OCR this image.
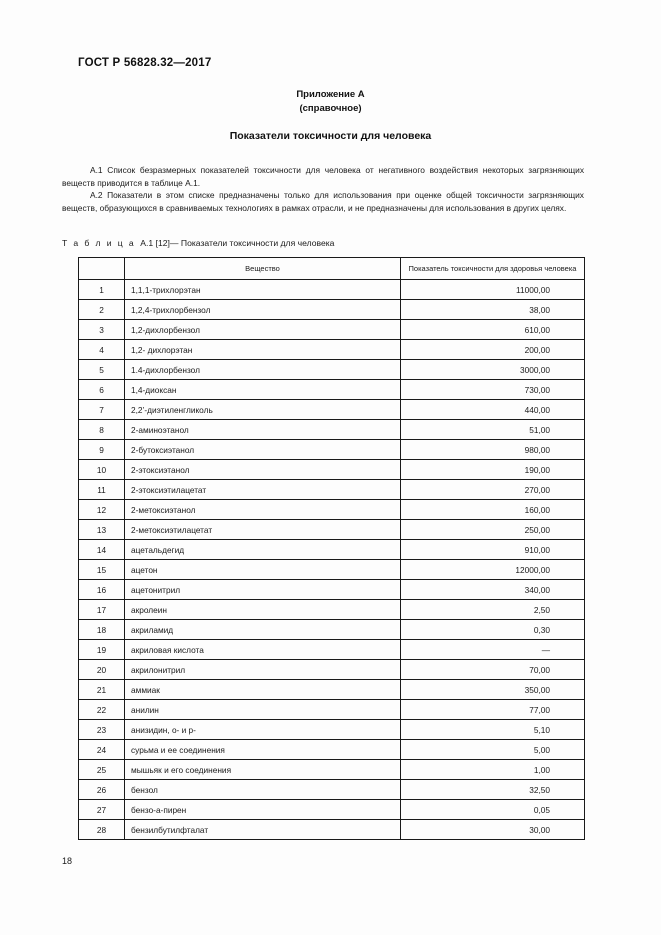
ГОСТ Р 56828.32—2017
Приложение А
(справочное)
Показатели токсичности для человека

А.1 Список безразмерных показателей токсичности для человека от негативного воздействия некоторых загрязняющих веществ приводится в таблице А.1.

А.2 Показатели в этом списке предназначены только для использования при оценке общей токсичности загрязняющих веществ, образующихся в сравниваемых технологиях в рамках отрасли, и не предназначены для использования в других целях.

Т а б л и ц а А.1 [12]— Показатели токсичности для человека
	Вещество	Показатель токсичности для здоровья человека
1	1,1,1-трихлорэтан	11000,00
2	1,2,4-трихлорбензол	38,00
3	1,2-дихлорбензол	610,00
4	1,2- дихлорэтан	200,00
5	1.4-дихлорбензол	3000,00
6	1,4-диоксан	730,00
7	2,2’-диэтиленгликоль	440,00
8	2-аминоэтанол	51,00
9	2-бутоксиэтанол	980,00
10	2-этоксиэтанол	190,00
11	2-этоксиэтилацетат	270,00
12	2-метоксиэтанол	160,00
13	2-метоксиэтилацетат	250,00
14	ацетальдегид	910,00
15	ацетон	12000,00
16	ацетонитрил	340,00
17	акролеин	2,50
18	акриламид	0,30
19	акриловая кислота	—
20	акрилонитрил	70,00
21	аммиак	350,00
22	анилин	77,00
23	анизидин, о- и р-	5,10
24	сурьма и ее соединения	5,00
25	мышьяк и его соединения	1,00
26	бензол	32,50
27	бензо-а-пирен	0,05
28	бензилбутилфталат	30,00
18
